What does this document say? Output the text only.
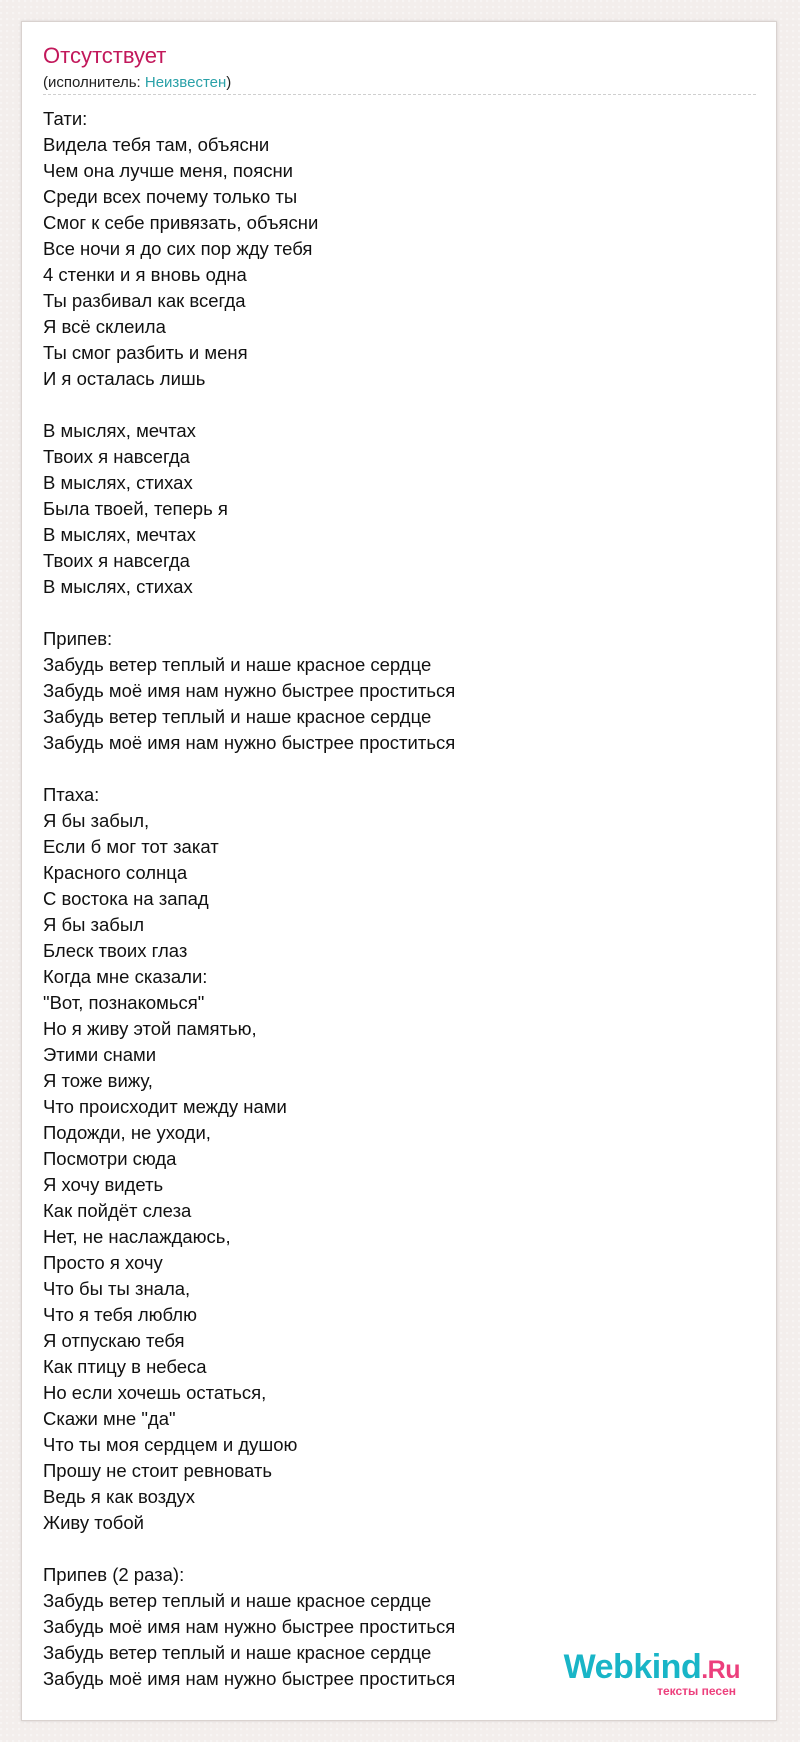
Отсутствует
(исполнитель: Неизвестен)
Тати:
Видела тебя там, объясни
Чем она лучше меня, поясни
Среди всех почему только ты
Смог к себе привязать, объясни
Все ночи я до сих пор жду тебя
4 стенки и я вновь одна
Ты разбивал как всегда
Я всё склеила
Ты смог разбить и меня
И я осталась лишь
В мыслях, мечтах
Твоих я навсегда
В мыслях, стихах
Была твоей, теперь я
В мыслях, мечтах
Твоих я навсегда
В мыслях, стихах
Припев:
Забудь ветер теплый и наше красное сердце
Забудь моё имя нам нужно быстрее проститься
Забудь ветер теплый и наше красное сердце
Забудь моё имя нам нужно быстрее проститься
Птаха:
Я бы забыл,
Если б мог тот закат
Красного солнца
С востока на запад
Я бы забыл
Блеск твоих глаз
Когда мне сказали:
"Вот, познакомься"
Но я живу этой памятью,
Этими снами
Я тоже вижу,
Что происходит между нами
Подожди, не уходи,
Посмотри сюда
Я хочу видеть
Как пойдёт слеза
Нет, не наслаждаюсь,
Просто я хочу
Что бы ты знала,
Что я тебя люблю
Я отпускаю тебя
Как птицу в небеса
Но если хочешь остаться,
Скажи мне "да"
Что ты моя сердцем и душою
Прошу не стоит ревновать
Ведь я как воздух
Живу тобой
Припев (2 раза):
Забудь ветер теплый и наше красное сердце
Забудь моё имя нам нужно быстрее проститься
Забудь ветер теплый и наше красное сердце
Забудь моё имя нам нужно быстрее проститься	Webkind.Ru
тексты песен
